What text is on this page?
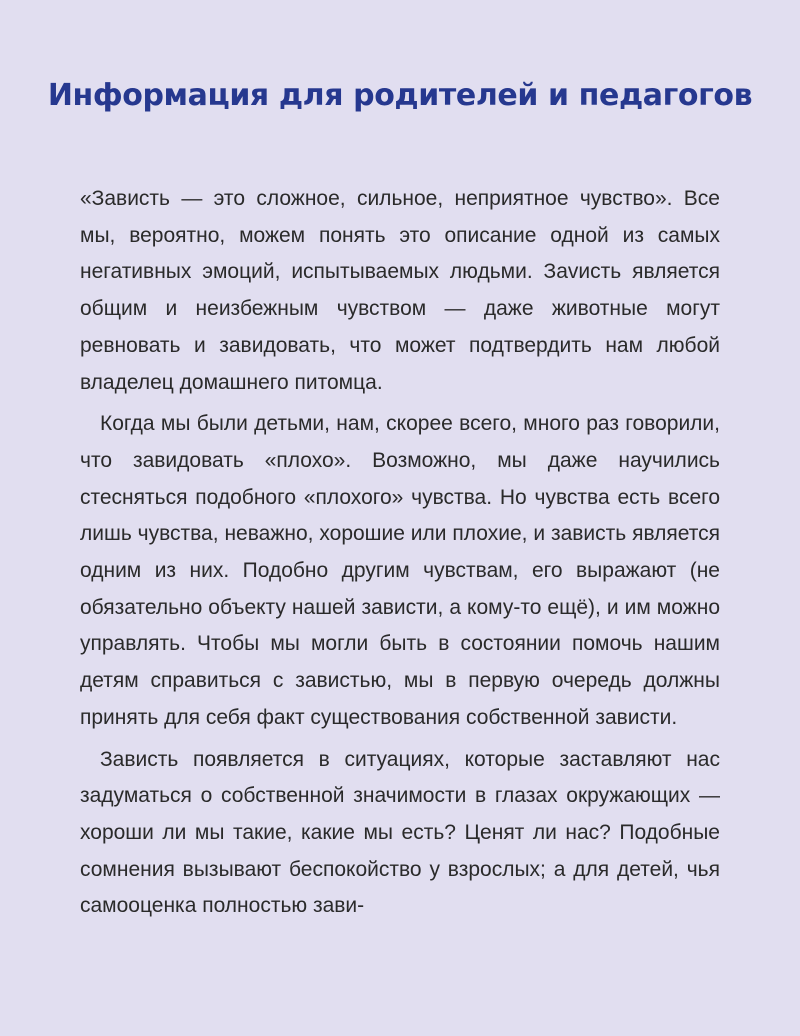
Информация для родителей и педагогов

«Зависть — это сложное, сильное, неприятное чувство». Все мы, вероятно, можем понять это описание одной из самых негативных эмоций, испытываемых людьми. Заvисть является общим и неизбежным чувством — даже животные могут ревновать и завидовать, что может подтвердить нам любой владелец домашнего питомца.

Когда мы были детьми, нам, скорее всего, много раз говорили, что завидовать «плохо». Возможно, мы даже научились стесняться подобного «плохого» чувства. Но чувства есть всего лишь чувства, неважно, хорошие или плохие, и зависть является одним из них. Подобно другим чувствам, его выражают (не обязательно объекту нашей зависти, а кому-то ещё), и им можно управлять. Чтобы мы могли быть в состоянии помочь нашим детям справиться с завистью, мы в первую очередь должны принять для себя факт существования собственной зависти.

Зависть появляется в ситуациях, которые заставляют нас задуматься о собственной значимости в глазах окружающих — хороши ли мы такие, какие мы есть? Ценят ли нас? Подобные сомнения вызывают беспокойство у взрослых; а для детей, чья самооценка полностью зави-
